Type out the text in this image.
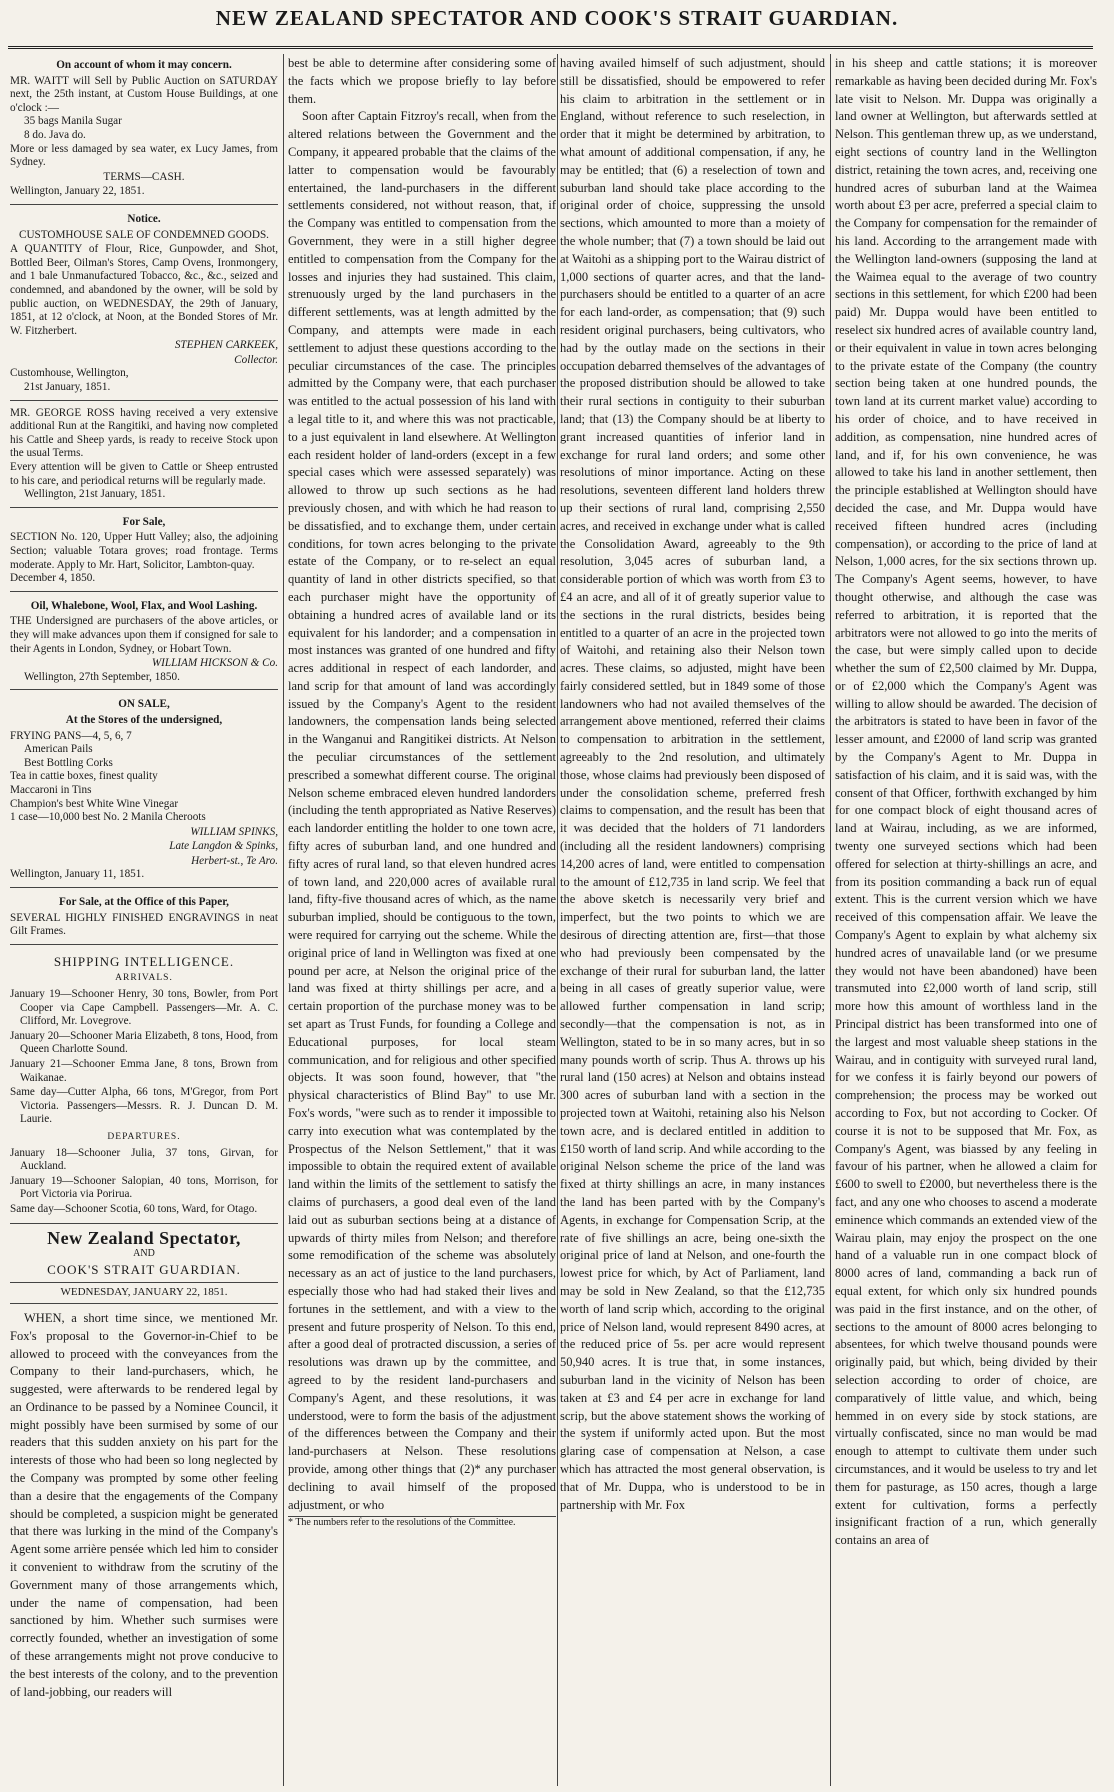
NEW ZEALAND SPECTATOR AND COOK'S STRAIT GUARDIAN.

On account of whom it may concern.

MR. WAITT will Sell by Public Auction on SATURDAY next, the 25th instant, at Custom House Buildings, at one o'clock :—

35 bags Manila Sugar

8 do. Java do.

More or less damaged by sea water, ex Lucy James, from Sydney.

TERMS—CASH.

Wellington, January 22, 1851.

Notice.

CUSTOMHOUSE SALE OF CONDEMNED GOODS.

A QUANTITY of Flour, Rice, Gunpowder, and Shot, Bottled Beer, Oilman's Stores, Camp Ovens, Ironmongery, and 1 bale Unmanufactured Tobacco, &c., &c., seized and condemned, and abandoned by the owner, will be sold by public auction, on WEDNESDAY, the 29th of January, 1851, at 12 o'clock, at Noon, at the Bonded Stores of Mr. W. Fitzherbert.

STEPHEN CARKEEK,

Collector.

Customhouse, Wellington,

21st January, 1851.

MR. GEORGE ROSS having received a very extensive additional Run at the Rangitiki, and having now completed his Cattle and Sheep yards, is ready to receive Stock upon the usual Terms.

Every attention will be given to Cattle or Sheep entrusted to his care, and periodical returns will be regularly made.

Wellington, 21st January, 1851.

For Sale,

SECTION No. 120, Upper Hutt Valley; also, the adjoining Section; valuable Totara groves; road frontage. Terms moderate. Apply to Mr. Hart, Solicitor, Lambton-quay.

December 4, 1850.

Oil, Whalebone, Wool, Flax, and Wool Lashing.

THE Undersigned are purchasers of the above articles, or they will make advances upon them if consigned for sale to their Agents in London, Sydney, or Hobart Town.

WILLIAM HICKSON & Co.

Wellington, 27th September, 1850.

ON SALE,

At the Stores of the undersigned,

FRYING PANS—4, 5, 6, 7

American Pails

Best Bottling Corks

Tea in cattie boxes, finest quality

Maccaroni in Tins

Champion's best White Wine Vinegar

1 case—10,000 best No. 2 Manila Cheroots

WILLIAM SPINKS,

Late Langdon & Spinks,

Herbert-st., Te Aro.

Wellington, January 11, 1851.

For Sale, at the Office of this Paper,

SEVERAL HIGHLY FINISHED ENGRAVINGS in neat Gilt Frames.

SHIPPING INTELLIGENCE.

ARRIVALS.

January 19—Schooner Henry, 30 tons, Bowler, from Port Cooper via Cape Campbell. Passengers—Mr. A. C. Clifford, Mr. Lovegrove.

January 20—Schooner Maria Elizabeth, 8 tons, Hood, from Queen Charlotte Sound.

January 21—Schooner Emma Jane, 8 tons, Brown from Waikanae.

Same day—Cutter Alpha, 66 tons, M'Gregor, from Port Victoria. Passengers—Messrs. R. J. Duncan D. M. Laurie.

DEPARTURES.

January 18—Schooner Julia, 37 tons, Girvan, for Auckland.

January 19—Schooner Salopian, 40 tons, Morrison, for Port Victoria via Porirua.

Same day—Schooner Scotia, 60 tons, Ward, for Otago.

New Zealand Spectator,

AND

COOK'S STRAIT GUARDIAN.

WEDNESDAY, JANUARY 22, 1851.

WHEN, a short time since, we mentioned Mr. Fox's proposal to the Governor-in-Chief to be allowed to proceed with the conveyances from the Company to their land-purchasers, which, he suggested, were afterwards to be rendered legal by an Ordinance to be passed by a Nominee Council, it might possibly have been surmised by some of our readers that this sudden anxiety on his part for the interests of those who had been so long neglected by the Company was prompted by some other feeling than a desire that the engagements of the Company should be completed, a suspicion might be generated that there was lurking in the mind of the Company's Agent some arrière pensée which led him to consider it convenient to withdraw from the scrutiny of the Government many of those arrangements which, under the name of compensation, had been sanctioned by him. Whether such surmises were correctly founded, whether an investigation of some of these arrangements might not prove conducive to the best interests of the colony, and to the prevention of land-jobbing, our readers will

best be able to determine after considering some of the facts which we propose briefly to lay before them.

Soon after Captain Fitzroy's recall, when from the altered relations between the Government and the Company, it appeared probable that the claims of the latter to compensation would be favourably entertained, the land-purchasers in the different settlements considered, not without reason, that, if the Company was entitled to compensation from the Government, they were in a still higher degree entitled to compensation from the Company for the losses and injuries they had sustained. This claim, strenuously urged by the land purchasers in the different settlements, was at length admitted by the Company, and attempts were made in each settlement to adjust these questions according to the peculiar circumstances of the case. The principles admitted by the Company were, that each purchaser was entitled to the actual possession of his land with a legal title to it, and where this was not practicable, to a just equivalent in land elsewhere. At Wellington each resident holder of land-orders (except in a few special cases which were assessed separately) was allowed to throw up such sections as he had previously chosen, and with which he had reason to be dissatisfied, and to exchange them, under certain conditions, for town acres belonging to the private estate of the Company, or to re-select an equal quantity of land in other districts specified, so that each purchaser might have the opportunity of obtaining a hundred acres of available land or its equivalent for his landorder; and a compensation in most instances was granted of one hundred and fifty acres additional in respect of each landorder, and land scrip for that amount of land was accordingly issued by the Company's Agent to the resident landowners, the compensation lands being selected in the Wanganui and Rangitikei districts. At Nelson the peculiar circumstances of the settlement prescribed a somewhat different course. The original Nelson scheme embraced eleven hundred landorders (including the tenth appropriated as Native Reserves) each landorder entitling the holder to one town acre, fifty acres of suburban land, and one hundred and fifty acres of rural land, so that eleven hundred acres of town land, and 220,000 acres of available rural land, fifty-five thousand acres of which, as the name suburban implied, should be contiguous to the town, were required for carrying out the scheme. While the original price of land in Wellington was fixed at one pound per acre, at Nelson the original price of the land was fixed at thirty shillings per acre, and a certain proportion of the purchase money was to be set apart as Trust Funds, for founding a College and Educational purposes, for local steam communication, and for religious and other specified objects. It was soon found, however, that "the physical characteristics of Blind Bay" to use Mr. Fox's words, "were such as to render it impossible to carry into execution what was contemplated by the Prospectus of the Nelson Settlement," that it was impossible to obtain the required extent of available land within the limits of the settlement to satisfy the claims of purchasers, a good deal even of the land laid out as suburban sections being at a distance of upwards of thirty miles from Nelson; and therefore some remodification of the scheme was absolutely necessary as an act of justice to the land purchasers, especially those who had had staked their lives and fortunes in the settlement, and with a view to the present and future prosperity of Nelson. To this end, after a good deal of protracted discussion, a series of resolutions was drawn up by the committee, and agreed to by the resident land-purchasers and Company's Agent, and these resolutions, it was understood, were to form the basis of the adjustment of the differences between the Company and their land-purchasers at Nelson. These resolutions provide, among other things that (2)* any purchaser declining to avail himself of the proposed adjustment, or who

* The numbers refer to the resolutions of the Committee.

having availed himself of such adjustment, should still be dissatisfied, should be empowered to refer his claim to arbitration in the settlement or in England, without reference to such reselection, in order that it might be determined by arbitration, to what amount of additional compensation, if any, he may be entitled; that (6) a reselection of town and suburban land should take place according to the original order of choice, suppressing the unsold sections, which amounted to more than a moiety of the whole number; that (7) a town should be laid out at Waitohi as a shipping port to the Wairau district of 1,000 sections of quarter acres, and that the land-purchasers should be entitled to a quarter of an acre for each land-order, as compensation; that (9) such resident original purchasers, being cultivators, who had by the outlay made on the sections in their occupation debarred themselves of the advantages of the proposed distribution should be allowed to take their rural sections in contiguity to their suburban land; that (13) the Company should be at liberty to grant increased quantities of inferior land in exchange for rural land orders; and some other resolutions of minor importance. Acting on these resolutions, seventeen different land holders threw up their sections of rural land, comprising 2,550 acres, and received in exchange under what is called the Consolidation Award, agreeably to the 9th resolution, 3,045 acres of suburban land, a considerable portion of which was worth from £3 to £4 an acre, and all of it of greatly superior value to the sections in the rural districts, besides being entitled to a quarter of an acre in the projected town of Waitohi, and retaining also their Nelson town acres. These claims, so adjusted, might have been fairly considered settled, but in 1849 some of those landowners who had not availed themselves of the arrangement above mentioned, referred their claims to compensation to arbitration in the settlement, agreeably to the 2nd resolution, and ultimately those, whose claims had previously been disposed of under the consolidation scheme, preferred fresh claims to compensation, and the result has been that it was decided that the holders of 71 landorders (including all the resident landowners) comprising 14,200 acres of land, were entitled to compensation to the amount of £12,735 in land scrip. We feel that the above sketch is necessarily very brief and imperfect, but the two points to which we are desirous of directing attention are, first—that those who had previously been compensated by the exchange of their rural for suburban land, the latter being in all cases of greatly superior value, were allowed further compensation in land scrip; secondly—that the compensation is not, as in Wellington, stated to be in so many acres, but in so many pounds worth of scrip. Thus A. throws up his rural land (150 acres) at Nelson and obtains instead 300 acres of suburban land with a section in the projected town at Waitohi, retaining also his Nelson town acre, and is declared entitled in addition to £150 worth of land scrip. And while according to the original Nelson scheme the price of the land was fixed at thirty shillings an acre, in many instances the land has been parted with by the Company's Agents, in exchange for Compensation Scrip, at the rate of five shillings an acre, being one-sixth the original price of land at Nelson, and one-fourth the lowest price for which, by Act of Parliament, land may be sold in New Zealand, so that the £12,735 worth of land scrip which, according to the original price of Nelson land, would represent 8490 acres, at the reduced price of 5s. per acre would represent 50,940 acres. It is true that, in some instances, suburban land in the vicinity of Nelson has been taken at £3 and £4 per acre in exchange for land scrip, but the above statement shows the working of the system if uniformly acted upon. But the most glaring case of compensation at Nelson, a case which has attracted the most general observation, is that of Mr. Duppa, who is understood to be in partnership with Mr. Fox

in his sheep and cattle stations; it is moreover remarkable as having been decided during Mr. Fox's late visit to Nelson. Mr. Duppa was originally a land owner at Wellington, but afterwards settled at Nelson. This gentleman threw up, as we understand, eight sections of country land in the Wellington district, retaining the town acres, and, receiving one hundred acres of suburban land at the Waimea worth about £3 per acre, preferred a special claim to the Company for compensation for the remainder of his land. According to the arrangement made with the Wellington land-owners (supposing the land at the Waimea equal to the average of two country sections in this settlement, for which £200 had been paid) Mr. Duppa would have been entitled to reselect six hundred acres of available country land, or their equivalent in value in town acres belonging to the private estate of the Company (the country section being taken at one hundred pounds, the town land at its current market value) according to his order of choice, and to have received in addition, as compensation, nine hundred acres of land, and if, for his own convenience, he was allowed to take his land in another settlement, then the principle established at Wellington should have decided the case, and Mr. Duppa would have received fifteen hundred acres (including compensation), or according to the price of land at Nelson, 1,000 acres, for the six sections thrown up. The Company's Agent seems, however, to have thought otherwise, and although the case was referred to arbitration, it is reported that the arbitrators were not allowed to go into the merits of the case, but were simply called upon to decide whether the sum of £2,500 claimed by Mr. Duppa, or of £2,000 which the Company's Agent was willing to allow should be awarded. The decision of the arbitrators is stated to have been in favor of the lesser amount, and £2000 of land scrip was granted by the Company's Agent to Mr. Duppa in satisfaction of his claim, and it is said was, with the consent of that Officer, forthwith exchanged by him for one compact block of eight thousand acres of land at Wairau, including, as we are informed, twenty one surveyed sections which had been offered for selection at thirty-shillings an acre, and from its position commanding a back run of equal extent. This is the current version which we have received of this compensation affair. We leave the Company's Agent to explain by what alchemy six hundred acres of unavailable land (or we presume they would not have been abandoned) have been transmuted into £2,000 worth of land scrip, still more how this amount of worthless land in the Principal district has been transformed into one of the largest and most valuable sheep stations in the Wairau, and in contiguity with surveyed rural land, for we confess it is fairly beyond our powers of comprehension; the process may be worked out according to Fox, but not according to Cocker. Of course it is not to be supposed that Mr. Fox, as Company's Agent, was biassed by any feeling in favour of his partner, when he allowed a claim for £600 to swell to £2000, but nevertheless there is the fact, and any one who chooses to ascend a moderate eminence which commands an extended view of the Wairau plain, may enjoy the prospect on the one hand of a valuable run in one compact block of 8000 acres of land, commanding a back run of equal extent, for which only six hundred pounds was paid in the first instance, and on the other, of sections to the amount of 8000 acres belonging to absentees, for which twelve thousand pounds were originally paid, but which, being divided by their selection according to order of choice, are comparatively of little value, and which, being hemmed in on every side by stock stations, are virtually confiscated, since no man would be mad enough to attempt to cultivate them under such circumstances, and it would be useless to try and let them for pasturage, as 150 acres, though a large extent for cultivation, forms a perfectly insignificant fraction of a run, which generally contains an area of
